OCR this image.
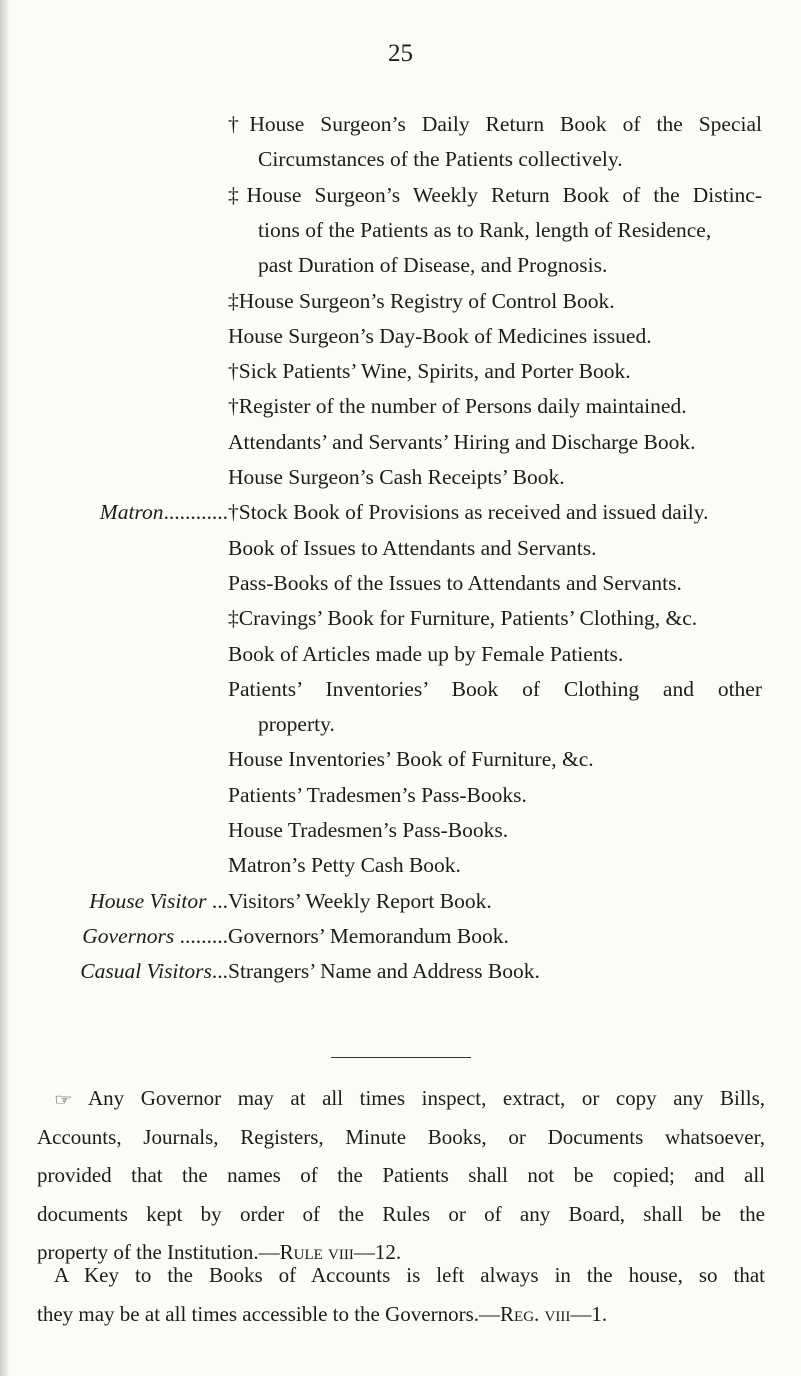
25
†House Surgeon’s Daily Return Book of the Special
Circumstances of the Patients collectively.
‡House Surgeon’s Weekly Return Book of the Distinc-
tions of the Patients as to Rank, length of Residence,
past Duration of Disease, and Prognosis.
‡House Surgeon’s Registry of Control Book.
House Surgeon’s Day-Book of Medicines issued.
†Sick Patients’ Wine, Spirits, and Porter Book.
†Register of the number of Persons daily maintained.
Attendants’ and Servants’ Hiring and Discharge Book.
House Surgeon’s Cash Receipts’ Book.
Matron............ †Stock Book of Provisions as received and issued daily.
Book of Issues to Attendants and Servants.
Pass-Books of the Issues to Attendants and Servants.
‡Cravings’ Book for Furniture, Patients’ Clothing, &c.
Book of Articles made up by Female Patients.
Patients’ Inventories’ Book of Clothing and other
property.
House Inventories’ Book of Furniture, &c.
Patients’ Tradesmen’s Pass-Books.
House Tradesmen’s Pass-Books.
Matron’s Petty Cash Book.
House Visitor ... Visitors’ Weekly Report Book.
Governors ......... Governors’ Memorandum Book.
Casual Visitors... Strangers’ Name and Address Book.
☞ Any Governor may at all times inspect, extract, or copy any Bills,
Accounts, Journals, Registers, Minute Books, or Documents whatsoever,
provided that the names of the Patients shall not be copied; and all
documents kept by order of the Rules or of any Board, shall be the
property of the Institution.—Rule viii—12.
A Key to the Books of Accounts is left always in the house, so that
they may be at all times accessible to the Governors.—Reg. viii—1.
